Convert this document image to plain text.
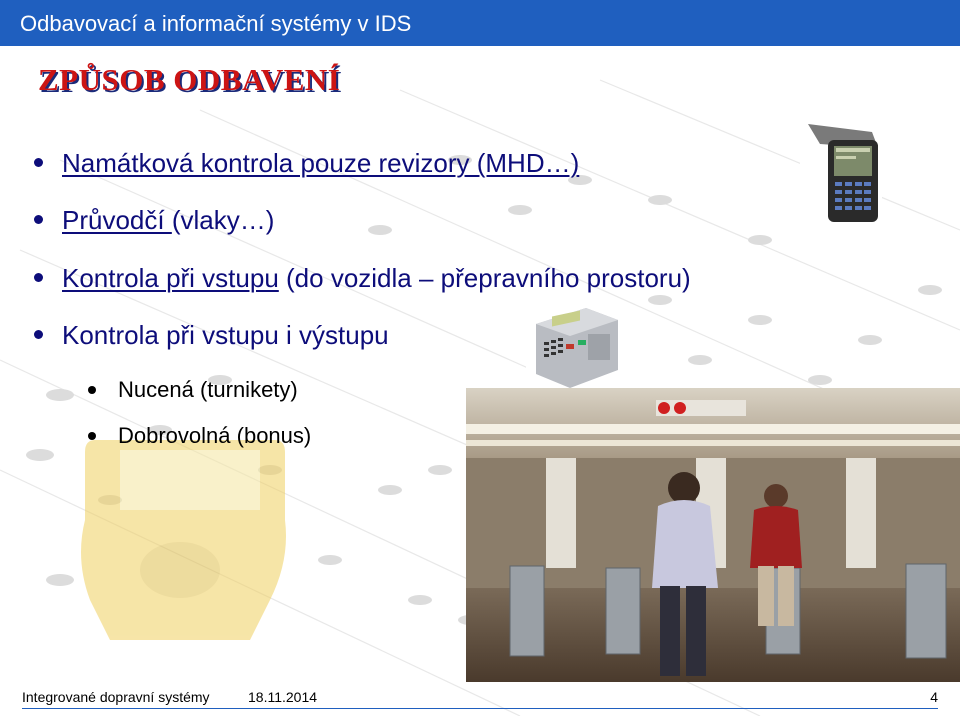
Odbavovací a informační systémy v IDS
ZPŮSOB ODBAVENÍ
Namátková kontrola pouze revizory (MHD…)
Průvodčí (vlaky…)
Kontrola při vstupu (do vozidla – přepravního prostoru)
Kontrola při vstupu i výstupu
Nucená (turnikety)
Dobrovolná (bonus)
Integrované dopravní systémy	18.11.2014	4
